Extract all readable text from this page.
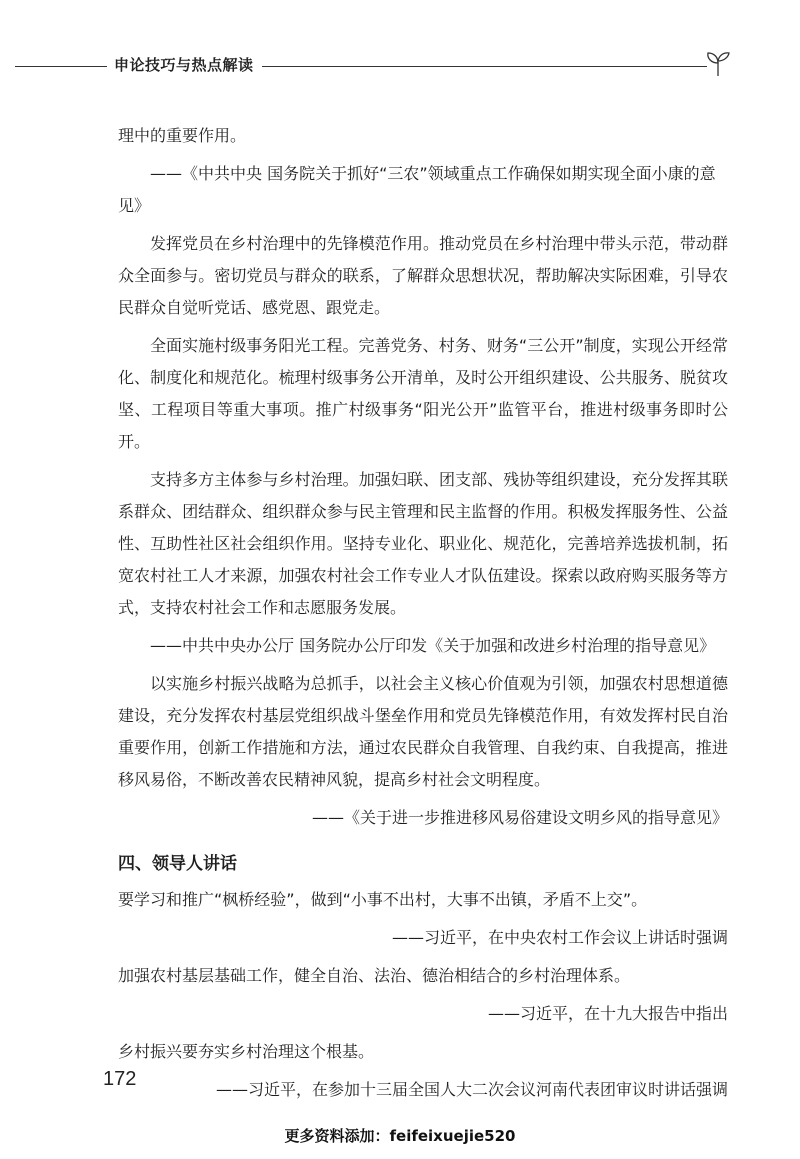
申论技巧与热点解读

理中的重要作用。

——《中共中央 国务院关于抓好“三农”领域重点工作确保如期实现全面小康的意见》

发挥党员在乡村治理中的先锋模范作用。推动党员在乡村治理中带头示范，带动群众全面参与。密切党员与群众的联系，了解群众思想状况，帮助解决实际困难，引导农民群众自觉听党话、感党恩、跟党走。

全面实施村级事务阳光工程。完善党务、村务、财务“三公开”制度，实现公开经常化、制度化和规范化。梳理村级事务公开清单，及时公开组织建设、公共服务、脱贫攻坚、工程项目等重大事项。推广村级事务“阳光公开”监管平台，推进村级事务即时公开。

支持多方主体参与乡村治理。加强妇联、团支部、残协等组织建设，充分发挥其联系群众、团结群众、组织群众参与民主管理和民主监督的作用。积极发挥服务性、公益性、互助性社区社会组织作用。坚持专业化、职业化、规范化，完善培养选拔机制，拓宽农村社工人才来源，加强农村社会工作专业人才队伍建设。探索以政府购买服务等方式，支持农村社会工作和志愿服务发展。

——中共中央办公厅 国务院办公厅印发《关于加强和改进乡村治理的指导意见》

以实施乡村振兴战略为总抓手，以社会主义核心价值观为引领，加强农村思想道德建设，充分发挥农村基层党组织战斗堡垒作用和党员先锋模范作用，有效发挥村民自治重要作用，创新工作措施和方法，通过农民群众自我管理、自我约束、自我提高，推进移风易俗，不断改善农民精神风貌，提高乡村社会文明程度。

——《关于进一步推进移风易俗建设文明乡风的指导意见》

四、领导人讲话

要学习和推广“枫桥经验”，做到“小事不出村，大事不出镇，矛盾不上交”。

——习近平，在中央农村工作会议上讲话时强调

加强农村基层基础工作，健全自治、法治、德治相结合的乡村治理体系。

——习近平，在十九大报告中指出

乡村振兴要夯实乡村治理这个根基。

——习近平，在参加十三届全国人大二次会议河南代表团审议时讲话强调

172
更多资料添加：feifeixuejie520
